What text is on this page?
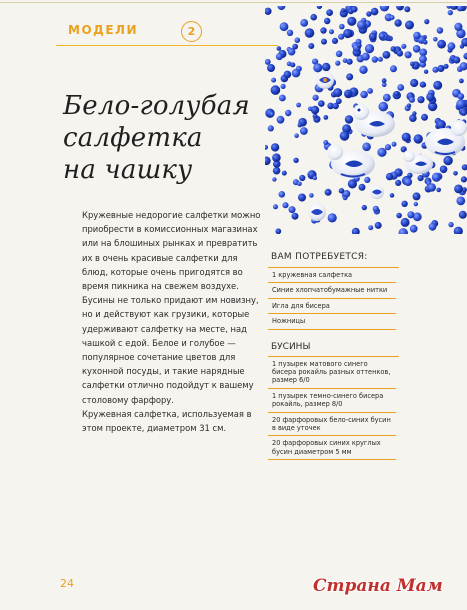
МОДЕЛИ	2
Бело-голубая
салфетка
на чашку

Кружевные недорогие салфетки можно приобрести в комиссионных магазинах или на блошиных рынках и превратить их в очень красивые салфетки для блюд, которые очень пригодятся во время пикника на свежем воздухе. Бусины не только придают им новизну, но и действуют как грузики, которые удерживают салфетку на месте, над чашкой с едой. Белое и голубое — популярное сочетание цветов для кухонной посуды, и такие нарядные салфетки отлично подойдут к вашему столовому фарфору.

Кружевная салфетка, используемая в этом проекте, диаметром 31 см.

ВАМ ПОТРЕБУЕТСЯ:
1 кружевная салфетка
Синие хлопчатобумажные нитки
Игла для бисера
Ножницы
БУСИНЫ
1 пузырек матового синего бисера рокайль разных оттенков, размер 6/0
1 пузырек темно-синего бисера рокайль, размер 8/0
20 фарфоровых бело-синих бусин в виде уточек
20 фарфоровых синих круглых бусин диаметром 5 мм
24	Страна Мам
